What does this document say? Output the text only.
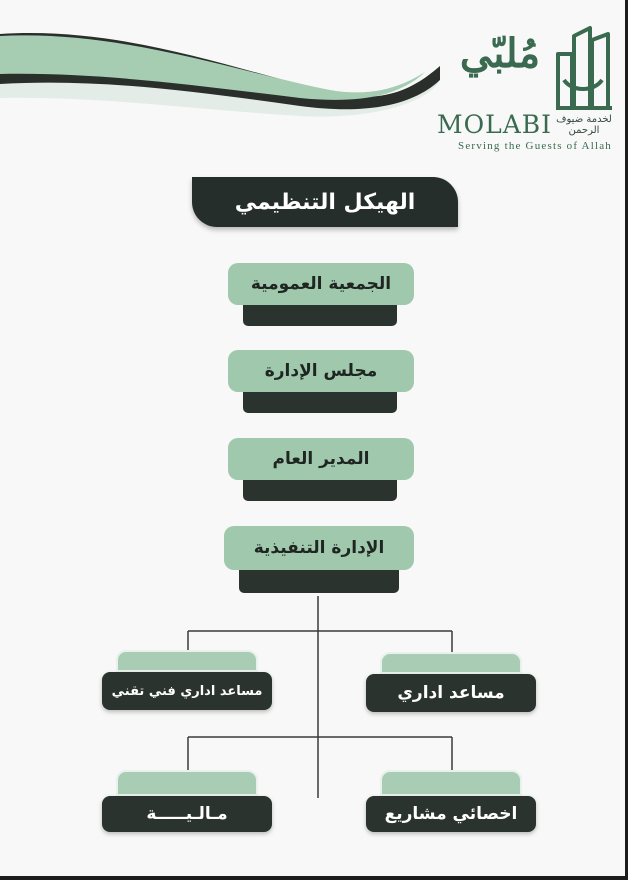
مُلبّي
MOLABI لخدمة ضيوف الرحمن
Serving the Guests of Allah
الهيكل التنظيمي
الجمعية العمومية
مجلس الإدارة
المدير العام
الإدارة التنفيذية
مساعد اداري فني تقني	مساعد اداري
مـالـيـــــة	اخصائي مشاريع
